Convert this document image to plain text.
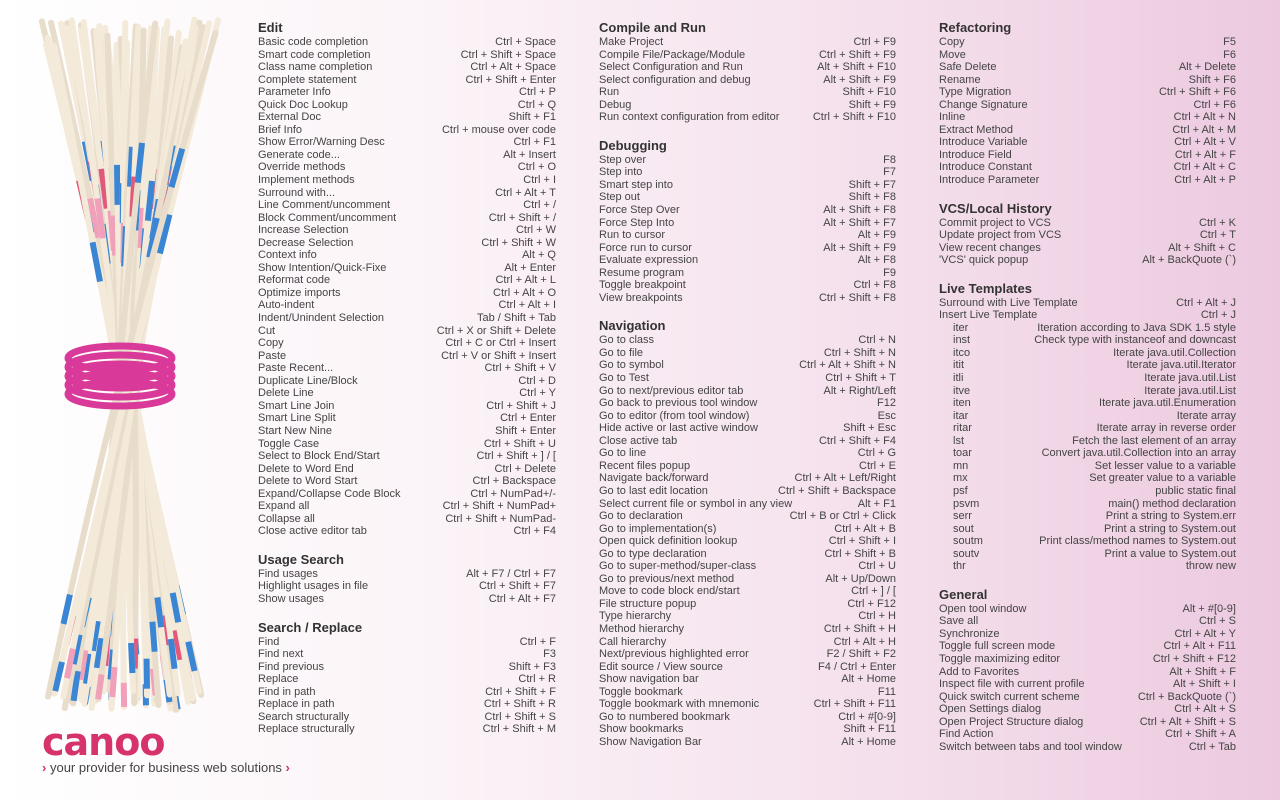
canoo
› your provider for business web solutions ›
Edit
Basic code completion	Ctrl + Space
Smart code completion	Ctrl + Shift + Space
Class name completion	Ctrl + Alt + Space
Complete statement	Ctrl + Shift + Enter
Parameter Info	Ctrl + P
Quick Doc Lookup	Ctrl + Q
External Doc	Shift + F1
Brief Info	Ctrl + mouse over code
Show Error/Warning Desc	Ctrl + F1
Generate code...	Alt + Insert
Override methods	Ctrl + O
Implement methods	Ctrl + I
Surround with...	Ctrl + Alt + T
Line Comment/uncomment	Ctrl + /
Block Comment/uncomment	Ctrl + Shift + /
Increase Selection	Ctrl + W
Decrease Selection	Ctrl + Shift + W
Context info	Alt + Q
Show Intention/Quick-Fixe	Alt + Enter
Reformat code	Ctrl + Alt + L
Optimize imports	Ctrl + Alt + O
Auto-indent	Ctrl + Alt + I
Indent/Unindent Selection	Tab / Shift + Tab
Cut	Ctrl + X or Shift + Delete
Copy	Ctrl + C or Ctrl + Insert
Paste	Ctrl + V or Shift + Insert
Paste Recent...	Ctrl + Shift + V
Duplicate Line/Block	Ctrl + D
Delete Line	Ctrl + Y
Smart Line Join	Ctrl + Shift + J
Smart Line Split	Ctrl + Enter
Start New Nine	Shift + Enter
Toggle Case	Ctrl + Shift + U
Select to Block End/Start	Ctrl + Shift + ] / [
Delete to Word End	Ctrl + Delete
Delete to Word Start	Ctrl + Backspace
Expand/Collapse Code Block	Ctrl + NumPad+/-
Expand all	Ctrl + Shift + NumPad+
Collapse all	Ctrl + Shift + NumPad-
Close active editor tab	Ctrl + F4
Usage Search
Find usages	Alt + F7 / Ctrl + F7
Highlight usages in file	Ctrl + Shift + F7
Show usages	Ctrl + Alt + F7
Search / Replace
Find	Ctrl + F
Find next	F3
Find previous	Shift + F3
Replace	Ctrl + R
Find in path	Ctrl + Shift + F
Replace in path	Ctrl + Shift + R
Search structurally	Ctrl + Shift + S
Replace structurally	Ctrl + Shift + M
Compile and Run
Make Project	Ctrl + F9
Compile File/Package/Module	Ctrl + Shift + F9
Select Configuration and Run	Alt + Shift + F10
Select configuration and debug	Alt + Shift + F9
Run	Shift + F10
Debug	Shift + F9
Run context configuration from editor	Ctrl + Shift + F10
Debugging
Step over	F8
Step into	F7
Smart step into	Shift + F7
Step out	Shift + F8
Force Step Over	Alt + Shift + F8
Force Step Into	Alt + Shift + F7
Run to cursor	Alt + F9
Force run to cursor	Alt + Shift + F9
Evaluate expression	Alt + F8
Resume program	F9
Toggle breakpoint	Ctrl + F8
View breakpoints	Ctrl + Shift + F8
Navigation
Go to class	Ctrl + N
Go to file	Ctrl + Shift + N
Go to symbol	Ctrl + Alt + Shift + N
Go to Test	Ctrl + Shift + T
Go to next/previous editor tab	Alt + Right/Left
Go back to previous tool window	F12
Go to editor (from tool window)	Esc
Hide active or last active window	Shift + Esc
Close active tab	Ctrl + Shift + F4
Go to line	Ctrl + G
Recent files popup	Ctrl + E
Navigate back/forward	Ctrl + Alt + Left/Right
Go to last edit location	Ctrl + Shift + Backspace
Select current file or symbol in any view	Alt + F1
Go to declaration	Ctrl + B or Ctrl + Click
Go to implementation(s)	Ctrl + Alt + B
Open quick definition lookup	Ctrl + Shift + I
Go to type declaration	Ctrl + Shift + B
Go to super-method/super-class	Ctrl + U
Go to previous/next method	Alt + Up/Down
Move to code block end/start	Ctrl + ] / [
File structure popup	Ctrl + F12
Type hierarchy	Ctrl + H
Method hierarchy	Ctrl + Shift + H
Call hierarchy	Ctrl + Alt + H
Next/previous highlighted error	F2 / Shift + F2
Edit source / View source	F4 / Ctrl + Enter
Show navigation bar	Alt + Home
Toggle bookmark	F11
Toggle bookmark with mnemonic	Ctrl + Shift + F11
Go to numbered bookmark	Ctrl + #[0-9]
Show bookmarks	Shift + F11
Show Navigation Bar	Alt + Home
Refactoring
Copy	F5
Move	F6
Safe Delete	Alt + Delete
Rename	Shift + F6
Type Migration	Ctrl + Shift + F6
Change Signature	Ctrl + F6
Inline	Ctrl + Alt + N
Extract Method	Ctrl + Alt + M
Introduce Variable	Ctrl + Alt + V
Introduce Field	Ctrl + Alt + F
Introduce Constant	Ctrl + Alt + C
Introduce Parameter	Ctrl + Alt + P
VCS/Local History
Commit project to VCS	Ctrl + K
Update project from VCS	Ctrl + T
View recent changes	Alt + Shift + C
'VCS' quick popup	Alt + BackQuote (`)
Live Templates
Surround with Live Template	Ctrl + Alt + J
Insert Live Template	Ctrl + J
iter	Iteration according to Java SDK 1.5 style
inst	Check type with instanceof and downcast
itco	Iterate java.util.Collection
itit	Iterate java.util.Iterator
itli	Iterate java.util.List
itve	Iterate java.util.List
iten	Iterate java.util.Enumeration
itar	Iterate array
ritar	Iterate array in reverse order
lst	Fetch the last element of an array
toar	Convert java.util.Collection into an array
mn	Set lesser value to a variable
mx	Set greater value to a variable
psf	public static final
psvm	main() method declaration
serr	Print a string to System.err
sout	Print a string to System.out
soutm	Print class/method names to System.out
soutv	Print a value to System.out
thr	throw new
General
Open tool window	Alt + #[0-9]
Save all	Ctrl + S
Synchronize	Ctrl + Alt + Y
Toggle full screen mode	Ctrl + Alt + F11
Toggle maximizing editor	Ctrl + Shift + F12
Add to Favorites	Alt + Shift + F
Inspect file with current profile	Alt + Shift + I
Quick switch current scheme	Ctrl + BackQuote (`)
Open Settings dialog	Ctrl + Alt + S
Open Project Structure dialog	Ctrl + Alt + Shift + S
Find Action	Ctrl + Shift + A
Switch between tabs and tool window	Ctrl + Tab
